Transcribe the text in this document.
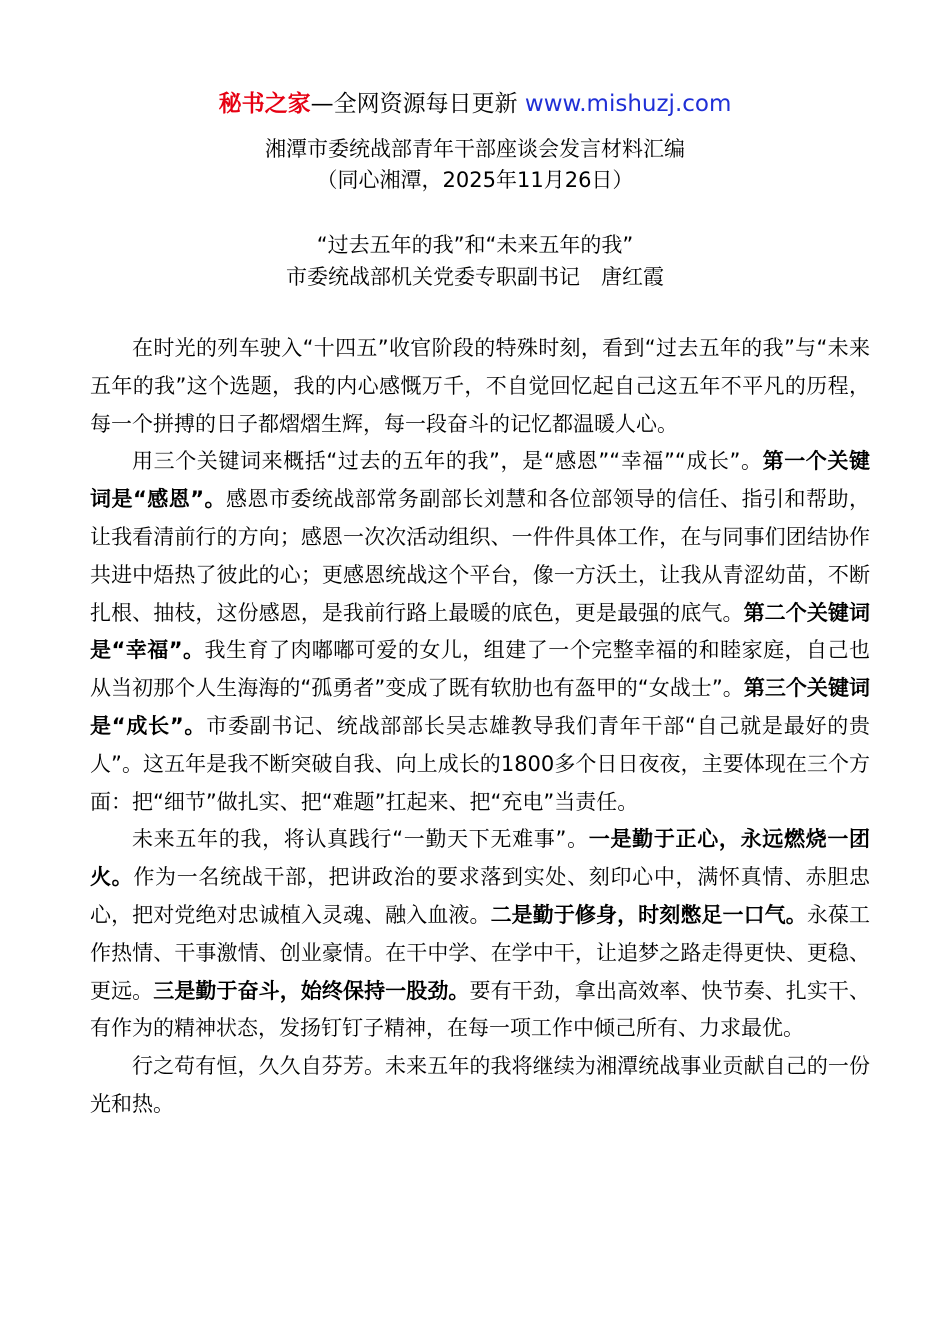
秘书之家—全网资源每日更新 www.mishuzj.com
湘潭市委统战部青年干部座谈会发言材料汇编
（同心湘潭，2025年11月26日）
“过去五年的我”和“未来五年的我”
市委统战部机关党委专职副书记　唐红霞

在时光的列车驶入“十四五”收官阶段的特殊时刻，看到“过去五年的我”与“未来五年的我”这个选题，我的内心感慨万千，不自觉回忆起自己这五年不平凡的历程，每一个拼搏的日子都熠熠生辉，每一段奋斗的记忆都温暖人心。

用三个关键词来概括“过去的五年的我”，是“感恩”“幸福”“成长”。第一个关键词是“感恩”。感恩市委统战部常务副部长刘慧和各位部领导的信任、指引和帮助，让我看清前行的方向；感恩一次次活动组织、一件件具体工作，在与同事们团结协作共进中焐热了彼此的心；更感恩统战这个平台，像一方沃土，让我从青涩幼苗，不断扎根、抽枝，这份感恩，是我前行路上最暖的底色，更是最强的底气。第二个关键词是“幸福”。我生育了肉嘟嘟可爱的女儿，组建了一个完整幸福的和睦家庭，自己也从当初那个人生海海的“孤勇者”变成了既有软肋也有盔甲的“女战士”。第三个关键词是“成长”。市委副书记、统战部部长吴志雄教导我们青年干部“自己就是最好的贵人”。这五年是我不断突破自我、向上成长的1800多个日日夜夜，主要体现在三个方面：把“细节”做扎实、把“难题”扛起来、把“充电”当责任。

未来五年的我，将认真践行“一勤天下无难事”。一是勤于正心，永远燃烧一团火。作为一名统战干部，把讲政治的要求落到实处、刻印心中，满怀真情、赤胆忠心，把对党绝对忠诚植入灵魂、融入血液。二是勤于修身，时刻憋足一口气。永葆工作热情、干事激情、创业豪情。在干中学、在学中干，让追梦之路走得更快、更稳、更远。三是勤于奋斗，始终保持一股劲。要有干劲，拿出高效率、快节奏、扎实干、有作为的精神状态，发扬钉钉子精神，在每一项工作中倾己所有、力求最优。

行之苟有恒，久久自芬芳。未来五年的我将继续为湘潭统战事业贡献自己的一份光和热。
